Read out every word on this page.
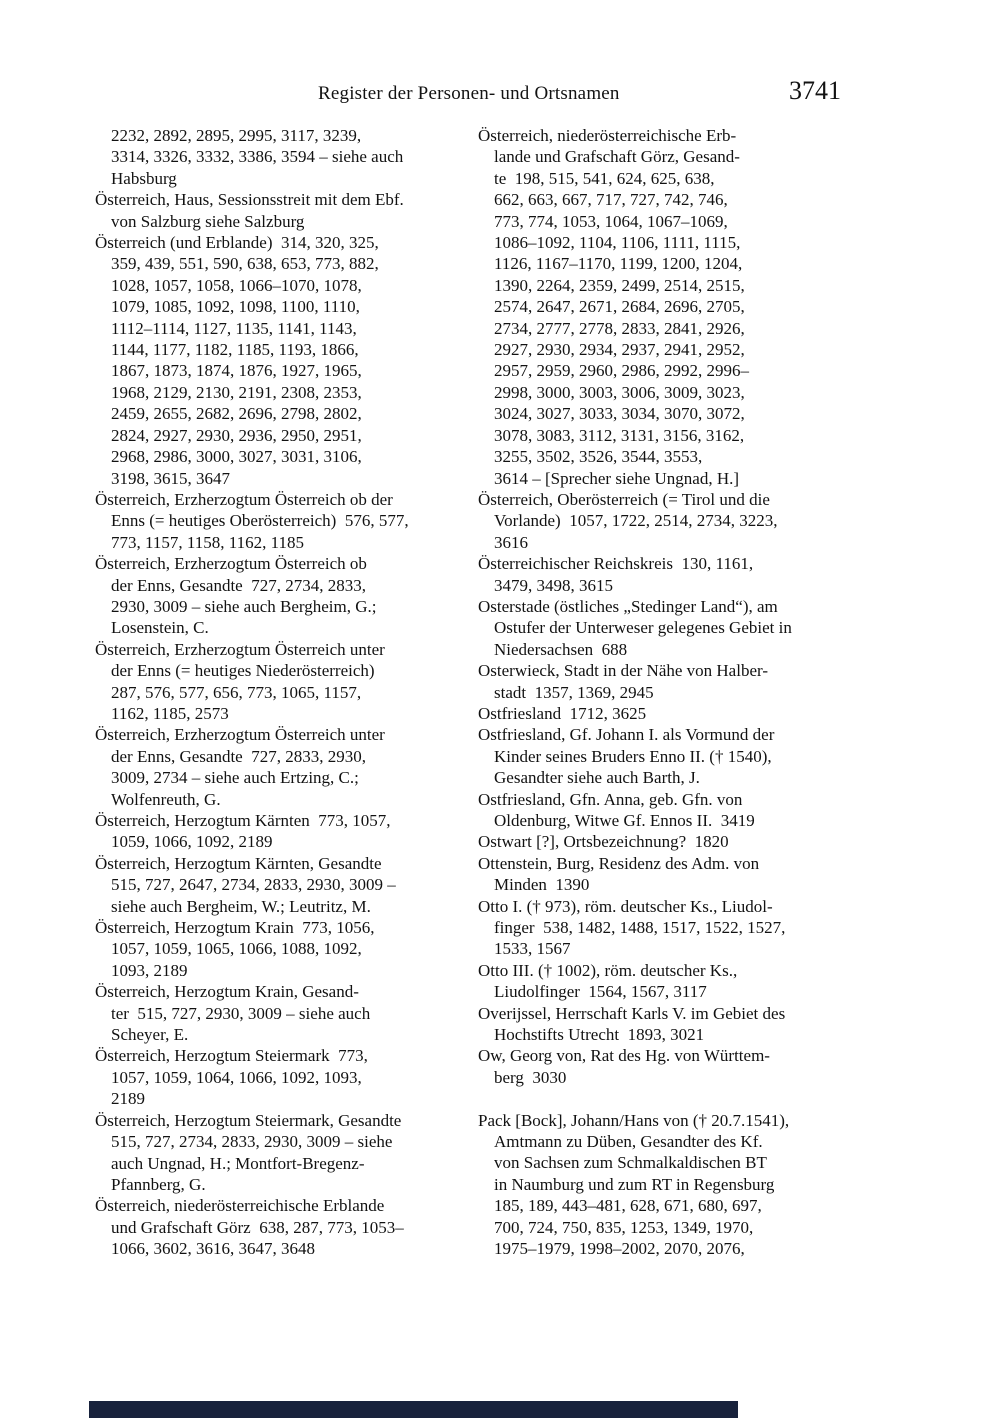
Register der Personen- und Ortsnamen	3741
2232, 2892, 2895, 2995, 3117, 3239,
3314, 3326, 3332, 3386, 3594 – siehe auch
Habsburg
Österreich, Haus, Sessionsstreit mit dem Ebf.
von Salzburg siehe Salzburg
Österreich (und Erblande)  314, 320, 325,
359, 439, 551, 590, 638, 653, 773, 882,
1028, 1057, 1058, 1066–1070, 1078,
1079, 1085, 1092, 1098, 1100, 1110,
1112–1114, 1127, 1135, 1141, 1143,
1144, 1177, 1182, 1185, 1193, 1866,
1867, 1873, 1874, 1876, 1927, 1965,
1968, 2129, 2130, 2191, 2308, 2353,
2459, 2655, 2682, 2696, 2798, 2802,
2824, 2927, 2930, 2936, 2950, 2951,
2968, 2986, 3000, 3027, 3031, 3106,
3198, 3615, 3647
Österreich, Erzherzogtum Österreich ob der
Enns (= heutiges Oberösterreich)  576, 577,
773, 1157, 1158, 1162, 1185
Österreich, Erzherzogtum Österreich ob
der Enns, Gesandte  727, 2734, 2833,
2930, 3009 – siehe auch Bergheim, G.;
Losenstein, C.
Österreich, Erzherzogtum Österreich unter
der Enns (= heutiges Niederösterreich)
287, 576, 577, 656, 773, 1065, 1157,
1162, 1185, 2573
Österreich, Erzherzogtum Österreich unter
der Enns, Gesandte  727, 2833, 2930,
3009, 2734 – siehe auch Ertzing, C.;
Wolfenreuth, G.
Österreich, Herzogtum Kärnten  773, 1057,
1059, 1066, 1092, 2189
Österreich, Herzogtum Kärnten, Gesandte
515, 727, 2647, 2734, 2833, 2930, 3009 –
siehe auch Bergheim, W.; Leutritz, M.
Österreich, Herzogtum Krain  773, 1056,
1057, 1059, 1065, 1066, 1088, 1092,
1093, 2189
Österreich, Herzogtum Krain, Gesand-
ter  515, 727, 2930, 3009 – siehe auch
Scheyer, E.
Österreich, Herzogtum Steiermark  773,
1057, 1059, 1064, 1066, 1092, 1093,
2189
Österreich, Herzogtum Steiermark, Gesandte
515, 727, 2734, 2833, 2930, 3009 – siehe
auch Ungnad, H.; Montfort-Bregenz-
Pfannberg, G.
Österreich, niederösterreichische Erblande
und Grafschaft Görz  638, 287, 773, 1053–
1066, 3602, 3616, 3647, 3648
Österreich, niederösterreichische Erb-
lande und Grafschaft Görz, Gesand-
te  198, 515, 541, 624, 625, 638,
662, 663, 667, 717, 727, 742, 746,
773, 774, 1053, 1064, 1067–1069,
1086–1092, 1104, 1106, 1111, 1115,
1126, 1167–1170, 1199, 1200, 1204,
1390, 2264, 2359, 2499, 2514, 2515,
2574, 2647, 2671, 2684, 2696, 2705,
2734, 2777, 2778, 2833, 2841, 2926,
2927, 2930, 2934, 2937, 2941, 2952,
2957, 2959, 2960, 2986, 2992, 2996–
2998, 3000, 3003, 3006, 3009, 3023,
3024, 3027, 3033, 3034, 3070, 3072,
3078, 3083, 3112, 3131, 3156, 3162,
3255, 3502, 3526, 3544, 3553,
3614 – [Sprecher siehe Ungnad, H.]
Österreich, Oberösterreich (= Tirol und die
Vorlande)  1057, 1722, 2514, 2734, 3223,
3616
Österreichischer Reichskreis  130, 1161,
3479, 3498, 3615
Osterstade (östliches „Stedinger Land“), am
Ostufer der Unterweser gelegenes Gebiet in
Niedersachsen  688
Osterwieck, Stadt in der Nähe von Halber-
stadt  1357, 1369, 2945
Ostfriesland  1712, 3625
Ostfriesland, Gf. Johann I. als Vormund der
Kinder seines Bruders Enno II. († 1540),
Gesandter siehe auch Barth, J.
Ostfriesland, Gfn. Anna, geb. Gfn. von
Oldenburg, Witwe Gf. Ennos II.  3419
Ostwart [?], Ortsbezeichnung?  1820
Ottenstein, Burg, Residenz des Adm. von
Minden  1390
Otto I. († 973), röm. deutscher Ks., Liudol-
finger  538, 1482, 1488, 1517, 1522, 1527,
1533, 1567
Otto III. († 1002), röm. deutscher Ks.,
Liudolfinger  1564, 1567, 3117
Overijssel, Herrschaft Karls V. im Gebiet des
Hochstifts Utrecht  1893, 3021
Ow, Georg von, Rat des Hg. von Württem-
berg  3030
Pack [Bock], Johann/Hans von († 20.7.1541),
Amtmann zu Düben, Gesandter des Kf.
von Sachsen zum Schmalkaldischen BT
in Naumburg und zum RT in Regensburg
185, 189, 443–481, 628, 671, 680, 697,
700, 724, 750, 835, 1253, 1349, 1970,
1975–1979, 1998–2002, 2070, 2076,
